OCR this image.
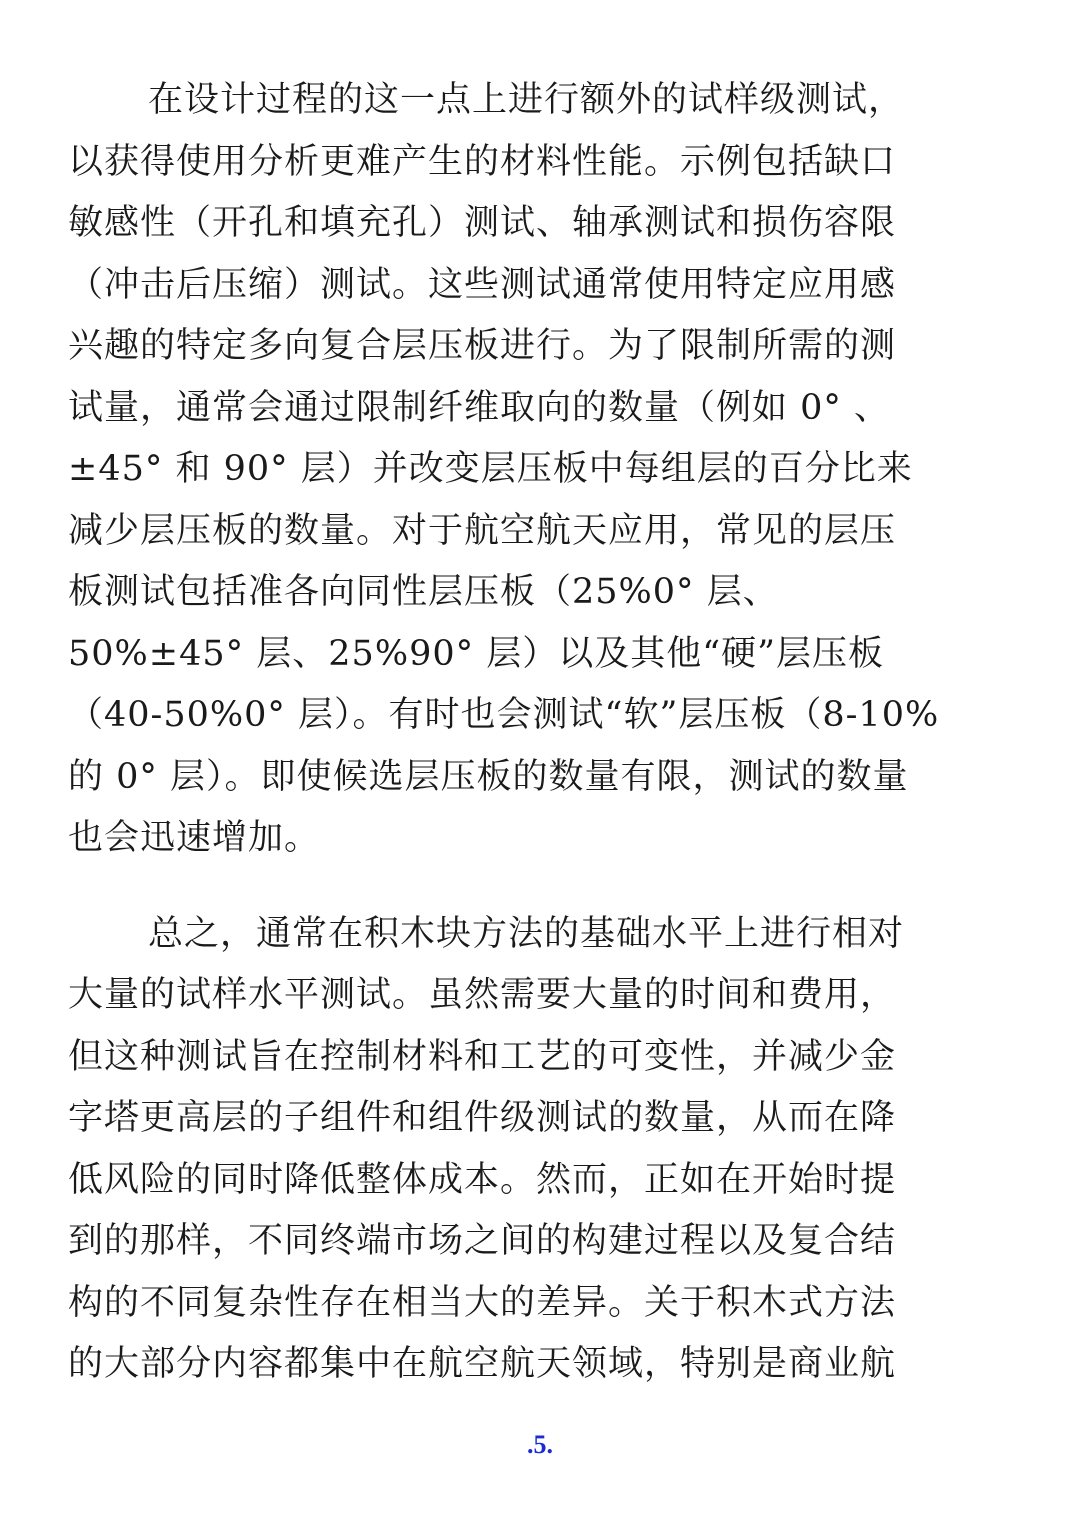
在设计过程的这一点上进行额外的试样级测试，
以获得使用分析更难产生的材料性能。示例包括缺口
敏感性（开孔和填充孔）测试、轴承测试和损伤容限
（冲击后压缩）测试。这些测试通常使用特定应用感
兴趣的特定多向复合层压板进行。为了限制所需的测
试量，通常会通过限制纤维取向的数量（例如 0° 、
±45° 和 90° 层）并改变层压板中每组层的百分比来
减少层压板的数量。对于航空航天应用，常见的层压
板测试包括准各向同性层压板（25%0° 层、
50%±45° 层、25%90° 层）以及其他“硬”层压板
（40-50%0° 层）。有时也会测试“软”层压板（8-10%
的 0° 层）。即使候选层压板的数量有限，测试的数量
也会迅速增加。
总之，通常在积木块方法的基础水平上进行相对
大量的试样水平测试。虽然需要大量的时间和费用，
但这种测试旨在控制材料和工艺的可变性，并减少金
字塔更高层的子组件和组件级测试的数量，从而在降
低风险的同时降低整体成本。然而，正如在开始时提
到的那样，不同终端市场之间的构建过程以及复合结
构的不同复杂性存在相当大的差异。关于积木式方法
的大部分内容都集中在航空航天领域，特别是商业航
.5.
